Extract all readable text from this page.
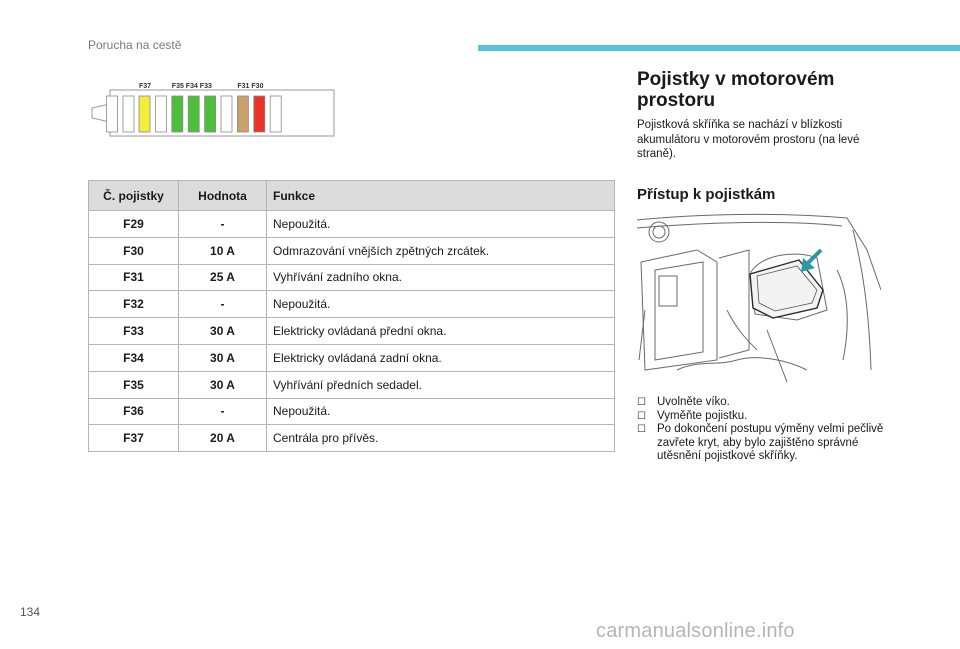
Porucha na cestě
F37	F35 F34 F33	F31 F30
Č. pojistky	Hodnota	Funkce
F29	-	Nepoužitá.
F30	10 A	Odmrazování vnějších zpětných zrcátek.
F31	25 A	Vyhřívání zadního okna.
F32	-	Nepoužitá.
F33	30 A	Elektricky ovládaná přední okna.
F34	30 A	Elektricky ovládaná zadní okna.
F35	30 A	Vyhřívání předních sedadel.
F36	-	Nepoužitá.
F37	20 A	Centrála pro přívěs.
Pojistky v motorovém prostoru

Pojistková skříňka se nachází v blízkosti akumulátoru v motorovém prostoru (na levé straně).

Přístup k pojistkám
☐ Uvolněte víko.
☐ Vyměňte pojistku.
☐ Po dokončení postupu výměny velmi pečlivě zavřete kryt, aby bylo zajištěno správné utěsnění pojistkové skříňky.
134
carmanualsonline.info
